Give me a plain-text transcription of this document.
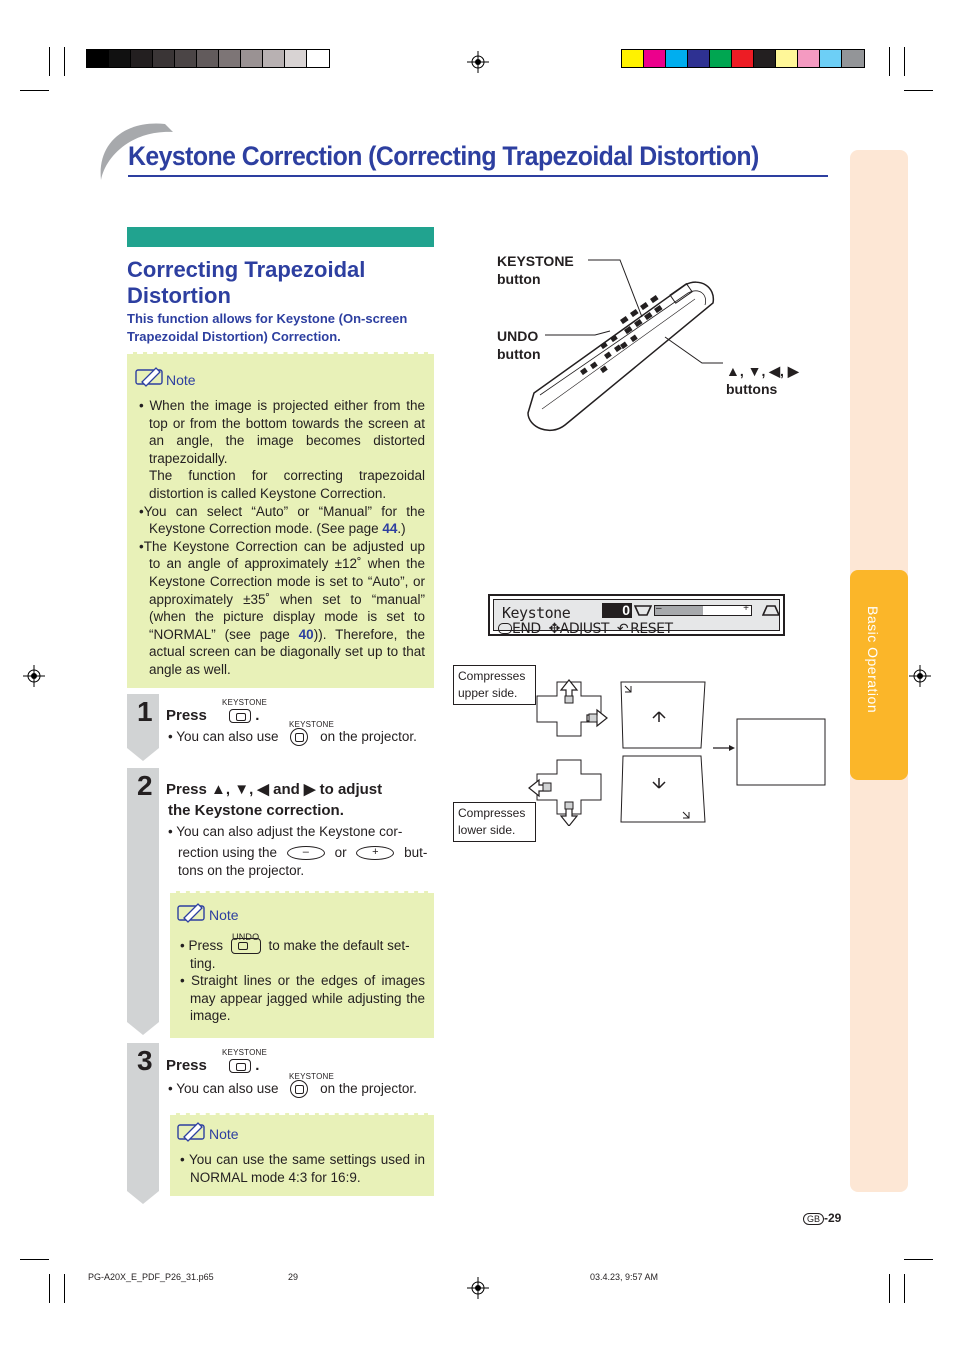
Keystone Correction (Correcting Trapezoidal Distortion)
Basic Operation
Correcting Trapezoidal Distortion
This function allows for Keystone (On-screen Trapezoidal Distortion) Correction.
Note

• When the image is projected either from the top or from the bottom towards the screen at an angle, the image becomes distorted trapezoidally.

The function for correcting trapezoidal distortion is called Keystone Correction.

•You can select “Auto” or “Manual” for the Keystone Correction mode. (See page 44.)

•The Keystone Correction can be adjusted up to an angle of approximately ±12˚ when the Keystone Correction mode is set to “Auto”, or approximately ±35˚ when set to “manual” (when the picture display mode is set to “NORMAL” (see page 40)). Therefore, the actual screen can be diagonally set up to that angle as well.

1 Press	.
KEYSTONE
KEYSTONE
• You can also use	on the projector.
2 Press ▲, ▼, ◀ and ▶ to adjust
the Keystone correction.
• You can also adjust the Keystone cor-
rection using the – or + but-
tons on the projector.
Note
UNDO

• Press	to make the default set-

ting.

• Straight lines or the edges of images may appear jagged while adjusting the image.

3 Press	.
KEYSTONE
KEYSTONE
• You can also use	on the projector.
Note

• You can use the same settings used in NORMAL mode 4:3 for 16:9.

KEYSTONE
button
UNDO
button
▲, ▼, ◀, ▶
buttons
Keystone	0	–	+
END ✥ADJUST ↶ RESET
Compresses
upper side.
Compresses
lower side.
GB -29
PG-A20X_E_PDF_P26_31.p65	29	03.4.23, 9:57 AM
